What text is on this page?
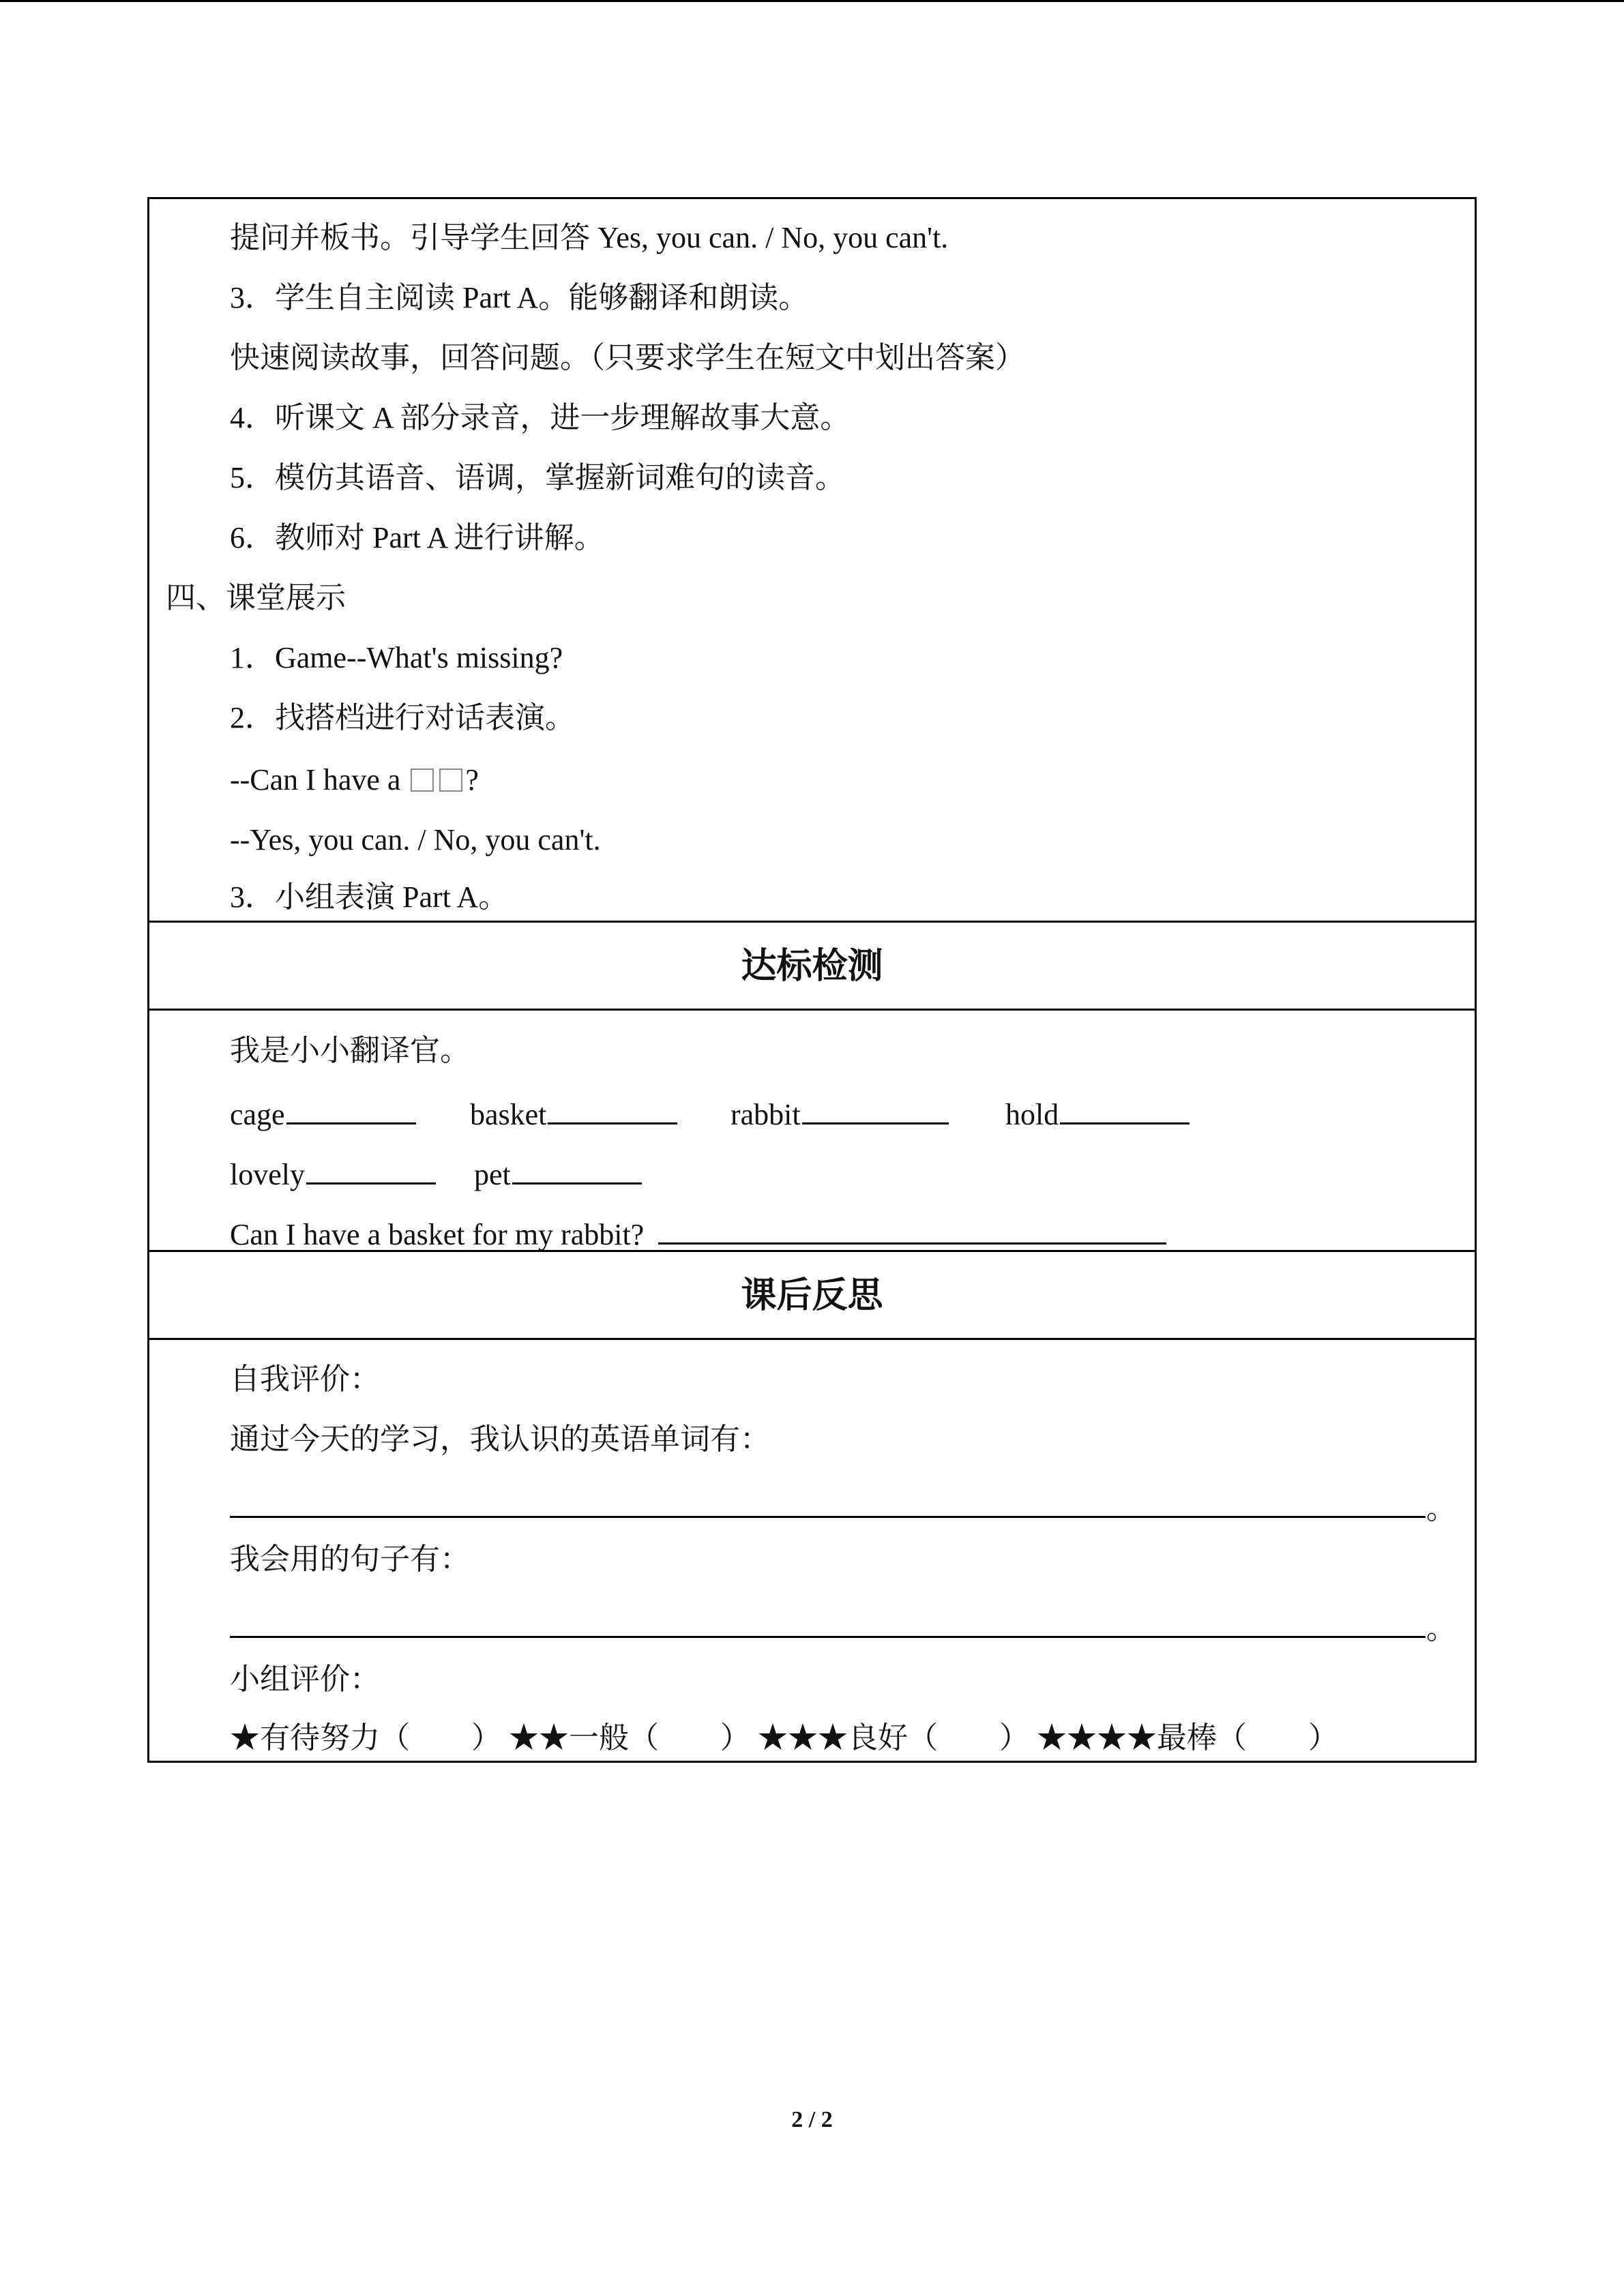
提问并板书。引导学生回答 Yes, you can. / No, you can't.
3．学生自主阅读 Part A。能够翻译和朗读。
快速阅读故事，回答问题。（只要求学生在短文中划出答案）
4．听课文 A 部分录音，进一步理解故事大意。
5．模仿其语音、语调，掌握新词难句的读音。
6．教师对 Part A 进行讲解。
四、课堂展示
1．Game--What's missing?
2．找搭档进行对话表演。
--Can I have a ?
--Yes, you can. / No, you can't.
3．小组表演 Part A。
达标检测
我是小小翻译官。
cage	basket	rabbit	hold
lovely	pet
Can I have a basket for my rabbit?
课后反思
自我评价：
通过今天的学习，我认识的英语单词有：
。
我会用的句子有：
。
小组评价：
★有待努力（ ） ★★一般（ ） ★★★良好（ ） ★★★★最棒（ ）
2 / 2
